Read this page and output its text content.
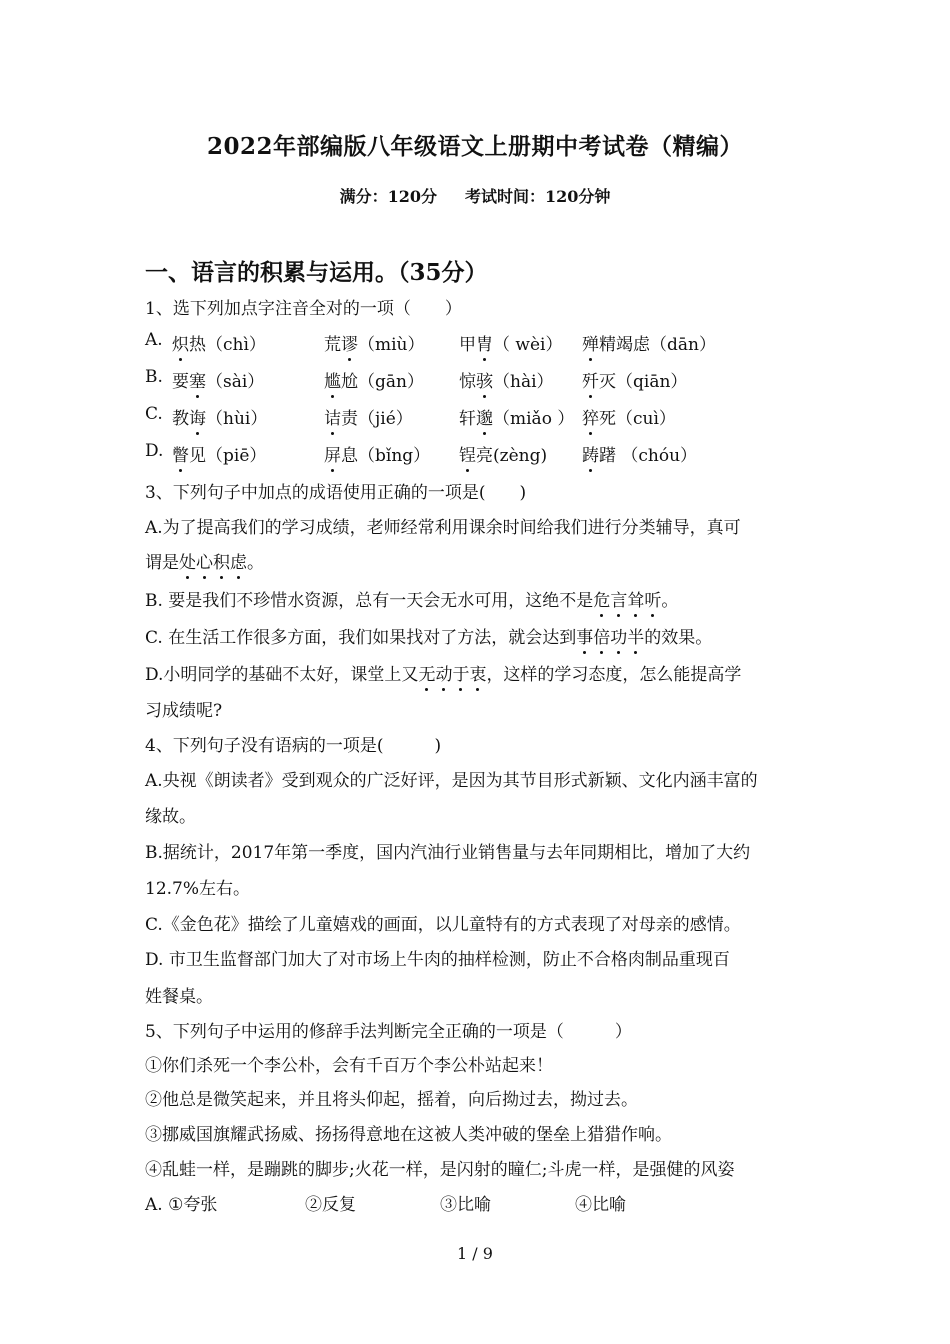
2022年部编版八年级语文上册期中考试卷（精编）
满分：120分 考试时间：120分钟
一、语言的积累与运用。（35分）
1、选下列加点字注音全对的一项（　　）
A. 炽热（chì）	荒谬（miù） 甲胄（ wèi） 殚精竭虑（dān）
B. 要塞（sài）	尴尬（gān） 惊骇（hài） 歼灭（qiān）
C. 教诲（hùi）	诘责（jié）	轩邈（miǎo ） 猝死（cuì）
D. 瞥见（piē）	屏息（bǐng） 锃亮(zèng) 踌躇 （chóu）
3、下列句子中加点的成语使用正确的一项是(　　)
A.为了提高我们的学习成绩，老师经常利用课余时间给我们进行分类辅导，真可
谓是处心积虑。
B. 要是我们不珍惜水资源，总有一天会无水可用，这绝不是危言耸听。
C. 在生活工作很多方面，我们如果找对了方法，就会达到事倍功半的效果。
D.小明同学的基础不太好，课堂上又无动于衷，这样的学习态度，怎么能提高学
习成绩呢?
4、下列句子没有语病的一项是(　　　)
A.央视《朗读者》受到观众的广泛好评，是因为其节目形式新颖、文化内涵丰富的
缘故。
B.据统计，2017年第一季度，国内汽油行业销售量与去年同期相比，增加了大约
12.7%左右。
C.《金色花》描绘了儿童嬉戏的画面，以儿童特有的方式表现了对母亲的感情。
D. 市卫生监督部门加大了对市场上牛肉的抽样检测，防止不合格肉制品重现百
姓餐桌。
5、下列句子中运用的修辞手法判断完全正确的一项是（　　　）
①你们杀死一个李公朴，会有千百万个李公朴站起来！
②他总是微笑起来，并且将头仰起，摇着，向后拗过去，拗过去。
③挪威国旗耀武扬威、扬扬得意地在这被人类冲破的堡垒上猎猎作响。
④乱蛙一样，是蹦跳的脚步;火花一样，是闪射的瞳仁;斗虎一样，是强健的风姿
A. ①夸张	②反复	③比喻	④比喻
1 / 9
